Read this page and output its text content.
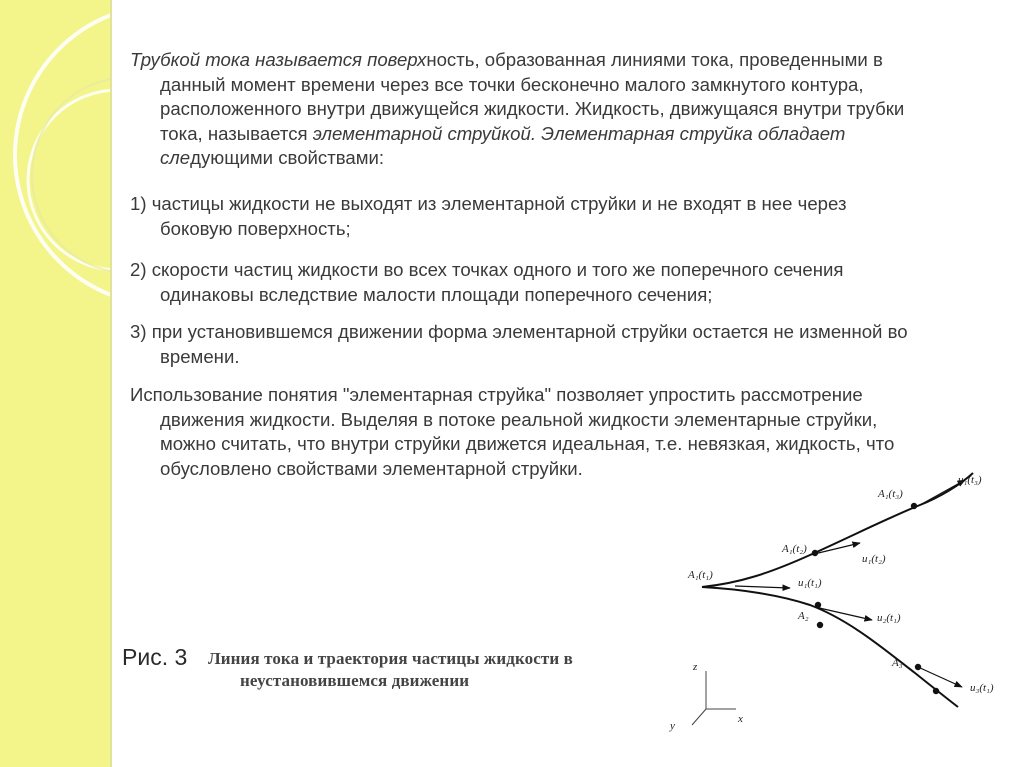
Трубкой тока называется поверхность, образованная линиями тока, проведенными в
данный момент времени через все точки бесконечно малого замкнутого контура,
расположенного внутри движущейся жидкости. Жидкость, движущаяся внутри трубки
тока, называется элементарной струйкой. Элементарная струйка обладает
следующими свойствами:
1) частицы жидкости не выходят из элементарной струйки и не входят в нее через
боковую поверхность;
2) скорости частиц жидкости во всех точках одного и того же поперечного сечения
одинаковы вследствие малости площади поперечного сечения;
3) при установившемся движении форма элементарной струйки остается не изменной во
времени.
Использование понятия "элементарная струйка" позволяет упростить рассмотрение
движения жидкости. Выделяя в потоке реальной жидкости элементарные струйки,
можно считать, что внутри струйки движется идеальная, т.е. невязкая, жидкость, что
обусловлено свойствами элементарной струйки.
Рис. 3 Линия тока и траектория частицы жидкости в
неустановившемся движении
A₁(t₁)
A₁(t₂)
A₁(t₃)
u₁(t₁)
u₁(t₂)
u₁(t₃)
A₂	u₂(t₁)
A₃
u₃(t₁)
z
x
y
